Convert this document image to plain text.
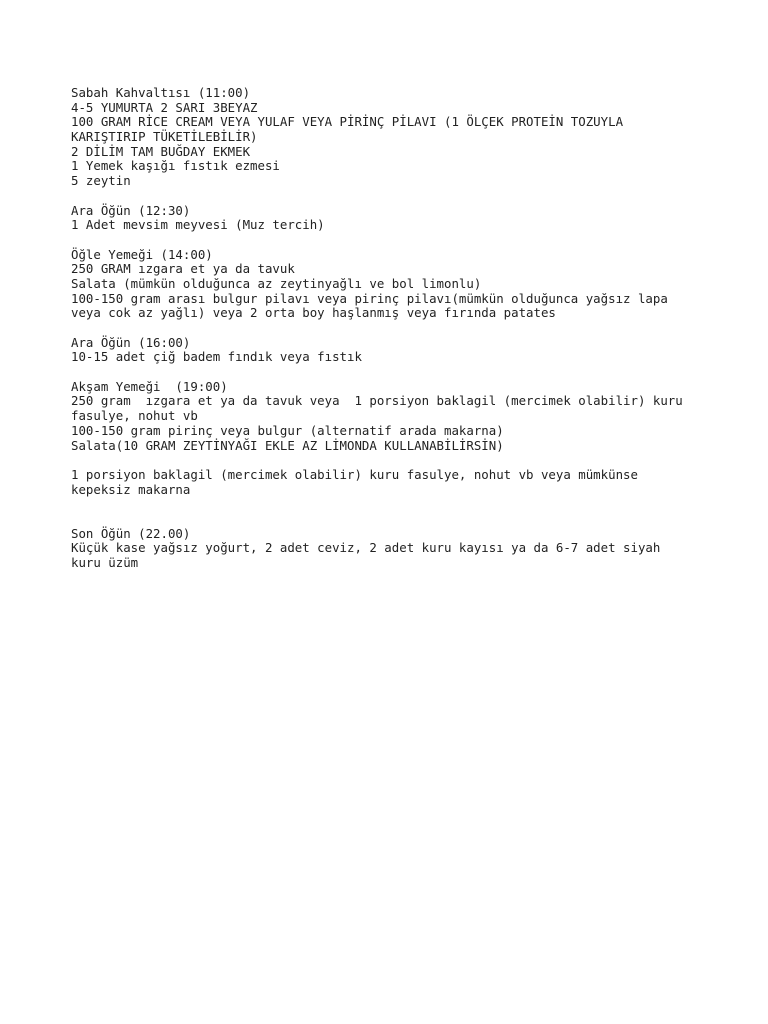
Sabah Kahvaltısı (11:00)
4-5 YUMURTA 2 SARI 3BEYAZ
100 GRAM RİCE CREAM VEYA YULAF VEYA PİRİNÇ PİLAVI (1 ÖLÇEK PROTEİN TOZUYLA
KARIŞTIRIP TÜKETİLEBİLİR)
2 DİLİM TAM BUĞDAY EKMEK
1 Yemek kaşığı fıstık ezmesi
5 zeytin
Ara Öğün (12:30)
1 Adet mevsim meyvesi (Muz tercih)
Öğle Yemeği (14:00)
250 GRAM ızgara et ya da tavuk
Salata (mümkün olduğunca az zeytinyağlı ve bol limonlu)
100-150 gram arası bulgur pilavı veya pirinç pilavı(mümkün olduğunca yağsız lapa
veya cok az yağlı) veya 2 orta boy haşlanmış veya fırında patates
Ara Öğün (16:00)
10-15 adet çiğ badem fındık veya fıstık
Akşam Yemeği  (19:00)
250 gram  ızgara et ya da tavuk veya  1 porsiyon baklagil (mercimek olabilir) kuru
fasulye, nohut vb
100-150 gram pirinç veya bulgur (alternatif arada makarna)
Salata(10 GRAM ZEYTİNYAĞI EKLE AZ LİMONDA KULLANABİLİRSİN)
1 porsiyon baklagil (mercimek olabilir) kuru fasulye, nohut vb veya mümkünse
kepeksiz makarna
Son Öğün (22.00)
Küçük kase yağsız yoğurt, 2 adet ceviz, 2 adet kuru kayısı ya da 6-7 adet siyah
kuru üzüm
